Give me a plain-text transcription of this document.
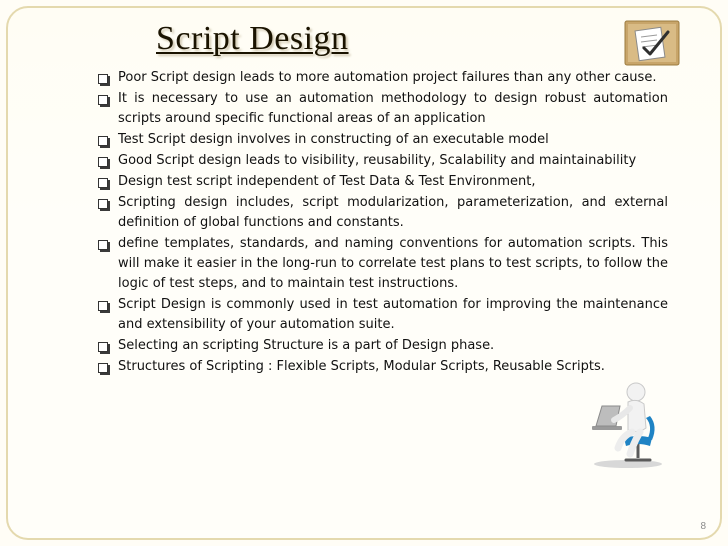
Script Design
Poor Script design leads to more automation project failures than any other cause.
It is necessary to use an automation methodology to design robust automation scripts around specific functional areas of an application
Test Script design involves in constructing of an executable model
Good Script design leads to visibility, reusability, Scalability and maintainability
Design test script independent of Test Data & Test Environment,
Scripting design includes, script modularization, parameterization, and external definition of global functions and constants.
define templates, standards, and naming conventions for automation scripts. This will make it easier in the long-run to correlate test plans to test scripts, to follow the logic of test steps, and to maintain test instructions.
Script Design is commonly used in test automation for improving the maintenance and extensibility of your automation suite.
Selecting an scripting Structure is a part of Design phase.
Structures of Scripting : Flexible Scripts, Modular Scripts, Reusable Scripts.
8
